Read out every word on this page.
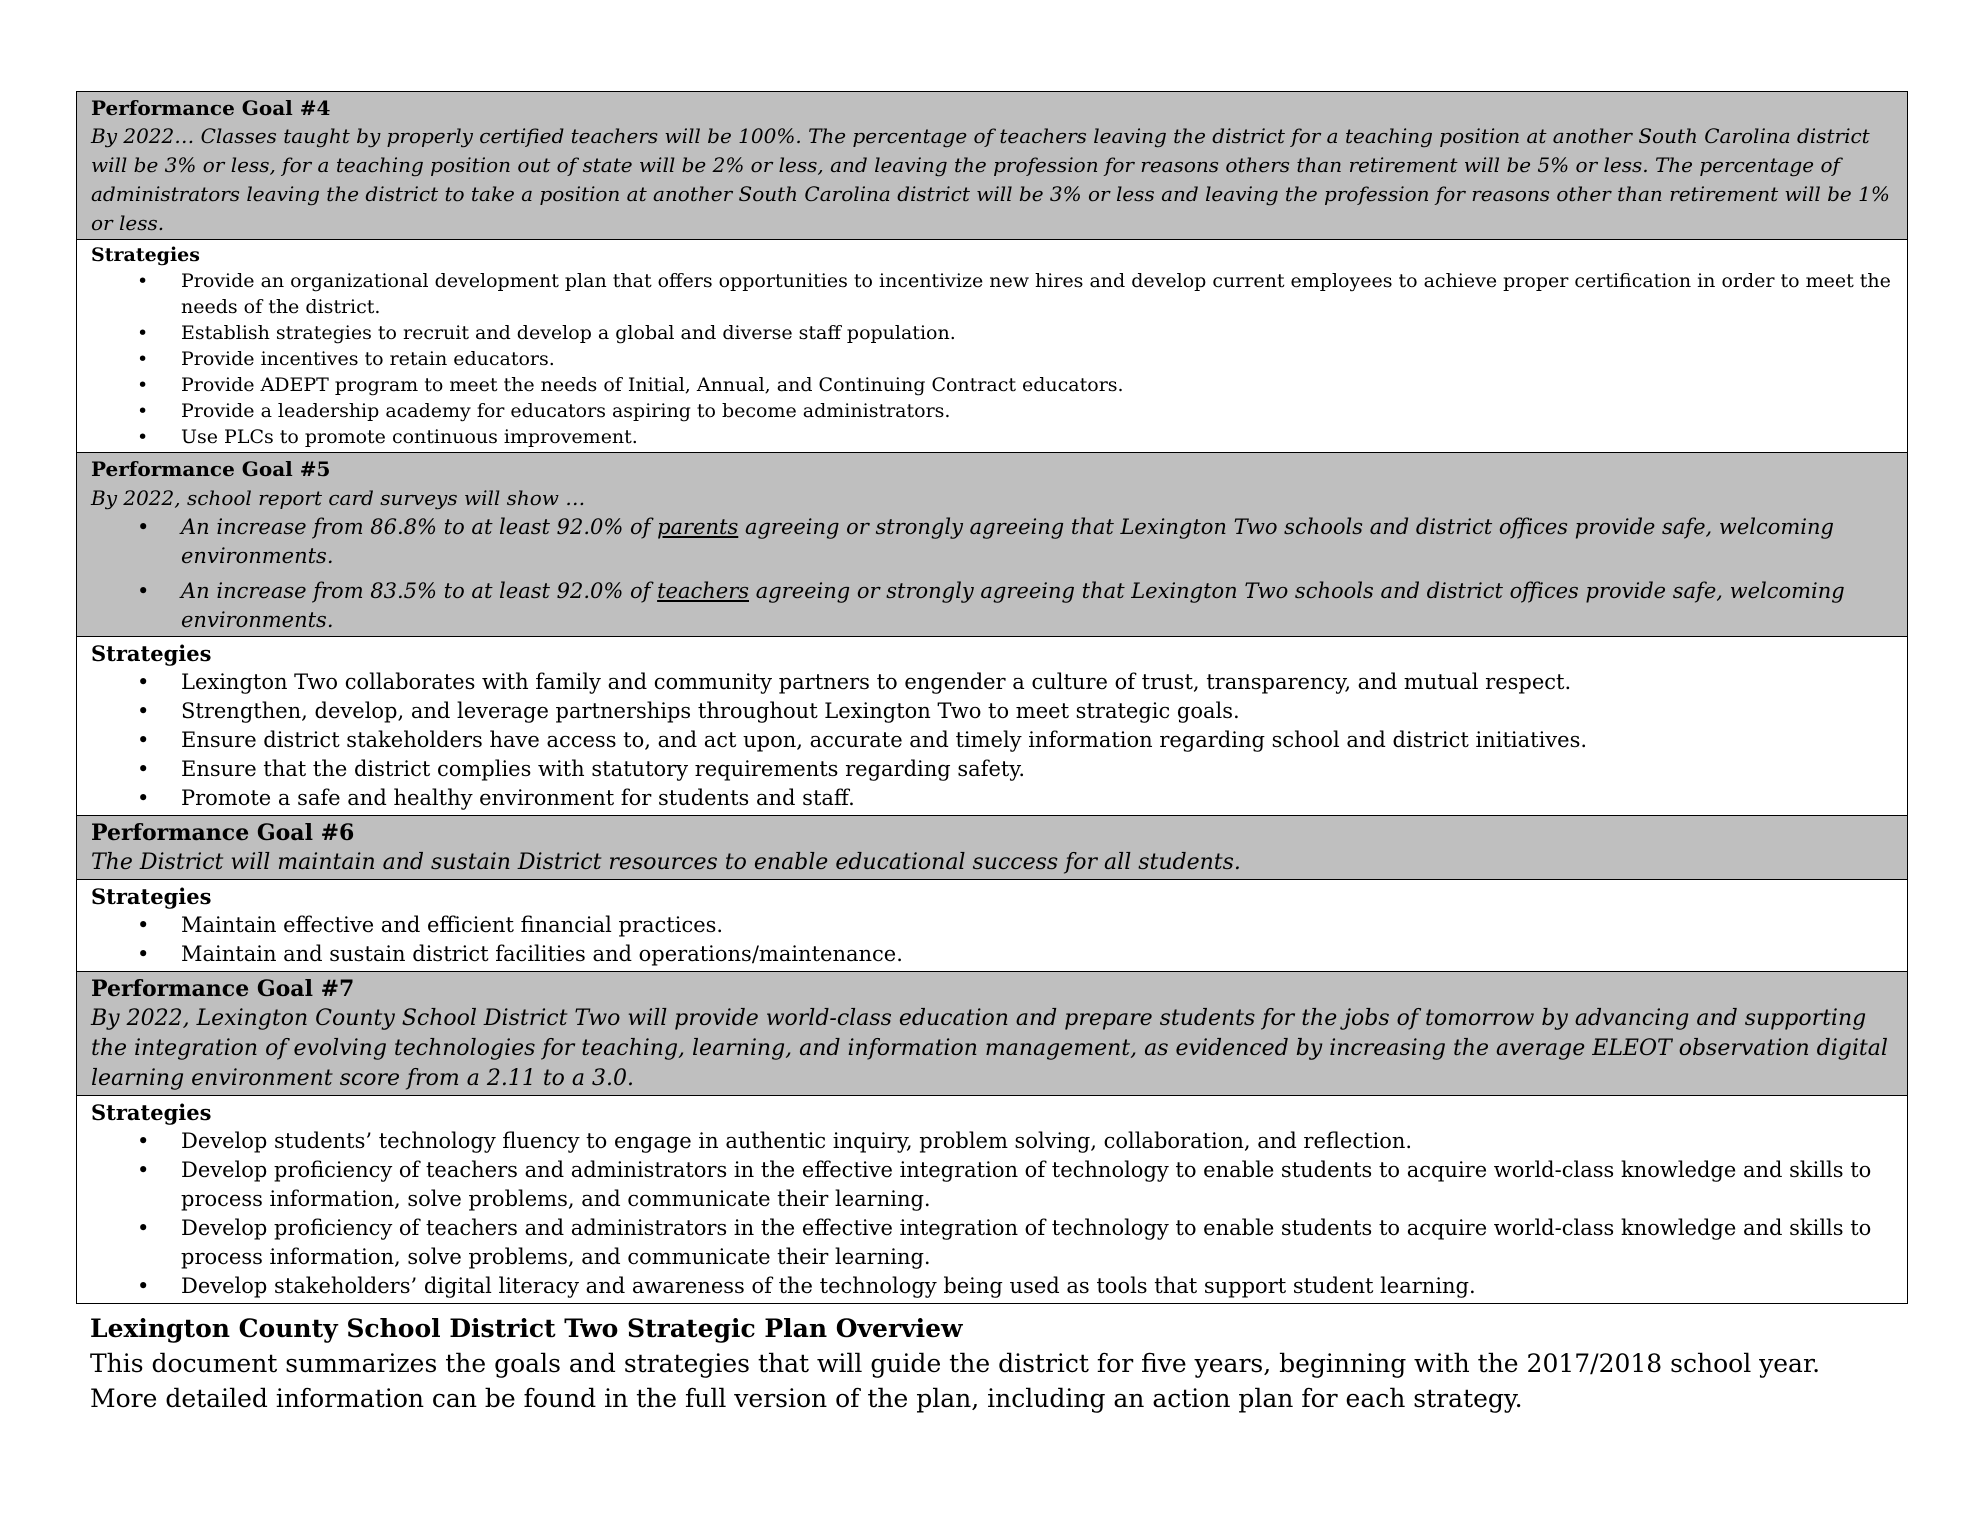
Performance Goal #4

By 2022… Classes taught by properly certified teachers will be 100%. The percentage of teachers leaving the district for a teaching position at another South Carolina district will be 3% or less, for a teaching position out of state will be 2% or less, and leaving the profession for reasons others than retirement will be 5% or less. The percentage of administrators leaving the district to take a position at another South Carolina district will be 3% or less and leaving the profession for reasons other than retirement will be 1% or less.

Strategies

• Provide an organizational development plan that offers opportunities to incentivize new hires and develop current employees to achieve proper certification in order to meet the needs of the district.
• Establish strategies to recruit and develop a global and diverse staff population.
• Provide incentives to retain educators.
• Provide ADEPT program to meet the needs of Initial, Annual, and Continuing Contract educators.
• Provide a leadership academy for educators aspiring to become administrators.
• Use PLCs to promote continuous improvement.

Performance Goal #5

By 2022, school report card surveys will show …

• An increase from 86.8% to at least 92.0% of parents agreeing or strongly agreeing that Lexington Two schools and district offices provide safe, welcoming environments.
• An increase from 83.5% to at least 92.0% of teachers agreeing or strongly agreeing that Lexington Two schools and district offices provide safe, welcoming environments.

Strategies

• Lexington Two collaborates with family and community partners to engender a culture of trust, transparency, and mutual respect.
• Strengthen, develop, and leverage partnerships throughout Lexington Two to meet strategic goals.
• Ensure district stakeholders have access to, and act upon, accurate and timely information regarding school and district initiatives.
• Ensure that the district complies with statutory requirements regarding safety.
• Promote a safe and healthy environment for students and staff.

Performance Goal #6

The District will maintain and sustain District resources to enable educational success for all students.

Strategies

• Maintain effective and efficient financial practices.
• Maintain and sustain district facilities and operations/maintenance.

Performance Goal #7

By 2022, Lexington County School District Two will provide world-class education and prepare students for the jobs of tomorrow by advancing and supporting the integration of evolving technologies for teaching, learning, and information management, as evidenced by increasing the average ELEOT observation digital learning environment score from a 2.11 to a 3.0.

Strategies

• Develop students’ technology fluency to engage in authentic inquiry, problem solving, collaboration, and reflection.
• Develop proficiency of teachers and administrators in the effective integration of technology to enable students to acquire world-class knowledge and skills to process information, solve problems, and communicate their learning.
• Develop proficiency of teachers and administrators in the effective integration of technology to enable students to acquire world-class knowledge and skills to process information, solve problems, and communicate their learning.
• Develop stakeholders’ digital literacy and awareness of the technology being used as tools that support student learning.

Lexington County School District Two Strategic Plan Overview

This document summarizes the goals and strategies that will guide the district for five years, beginning with the 2017/2018 school year.

More detailed information can be found in the full version of the plan, including an action plan for each strategy.
